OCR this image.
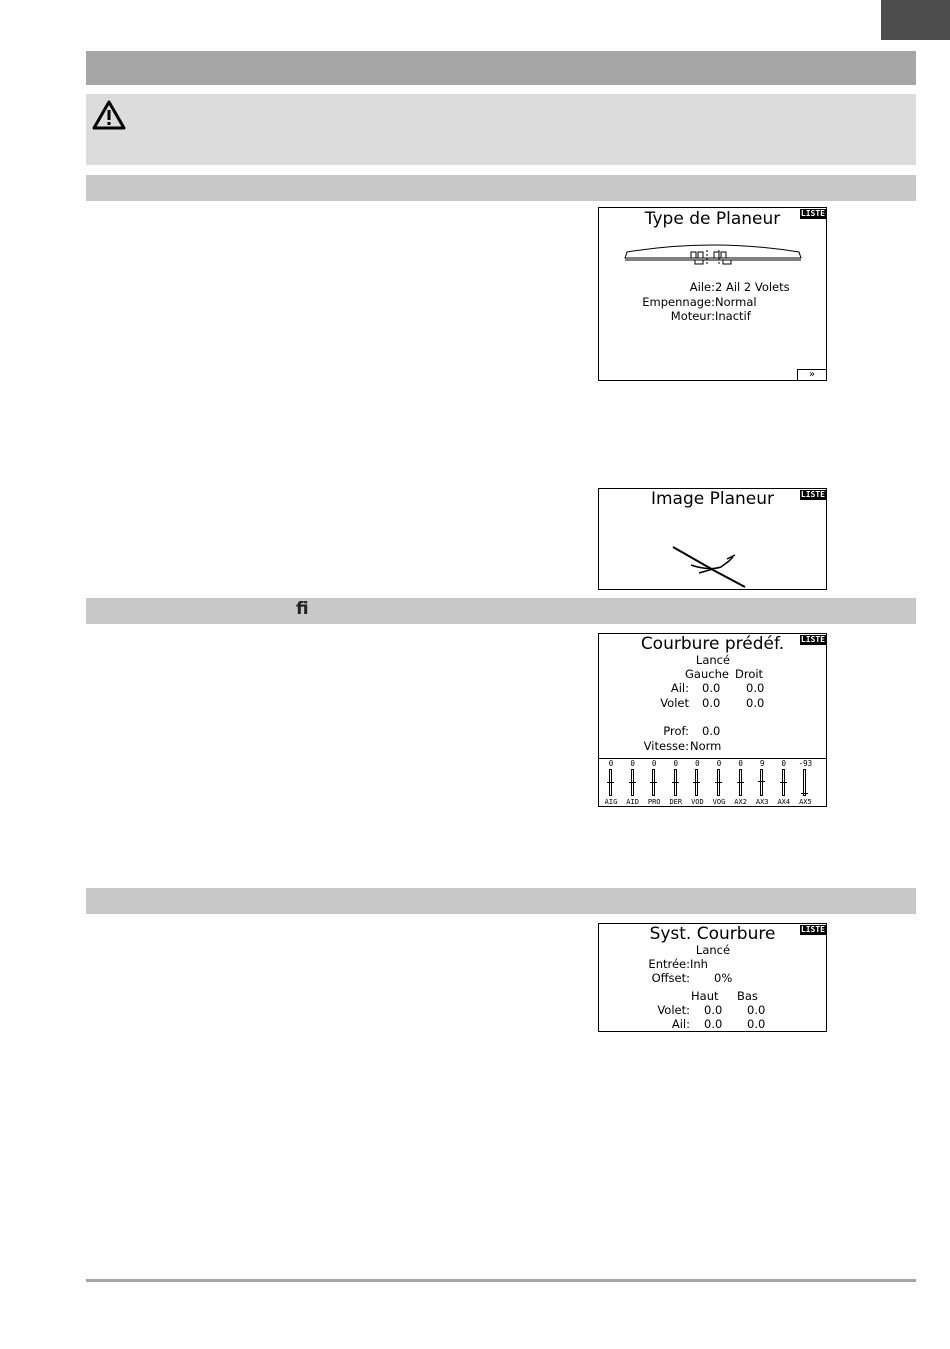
Type de Planeur	LISTE
Aile: 2 Ail 2 Volets
Empennage: Normal
Moteur: Inactif
»
Image Planeur	LISTE
fi
Courbure prédéf.	LISTE
Lancé
Gauche Droit
Ail: 0.0 0.0
Volet 0.0 0.0
Prof: 0.0
Vitesse: Norm
0
AIG
0
AID
0
PRO
0
DER
0
VOD
0
VOG
0
AX2
9
AX3
0
AX4
-93
AX5
Syst. Courbure	LISTE
Lancé
Entrée: Inh
Offset: 0%
Haut Bas
Volet: 0.0 0.0
Ail: 0.0 0.0
